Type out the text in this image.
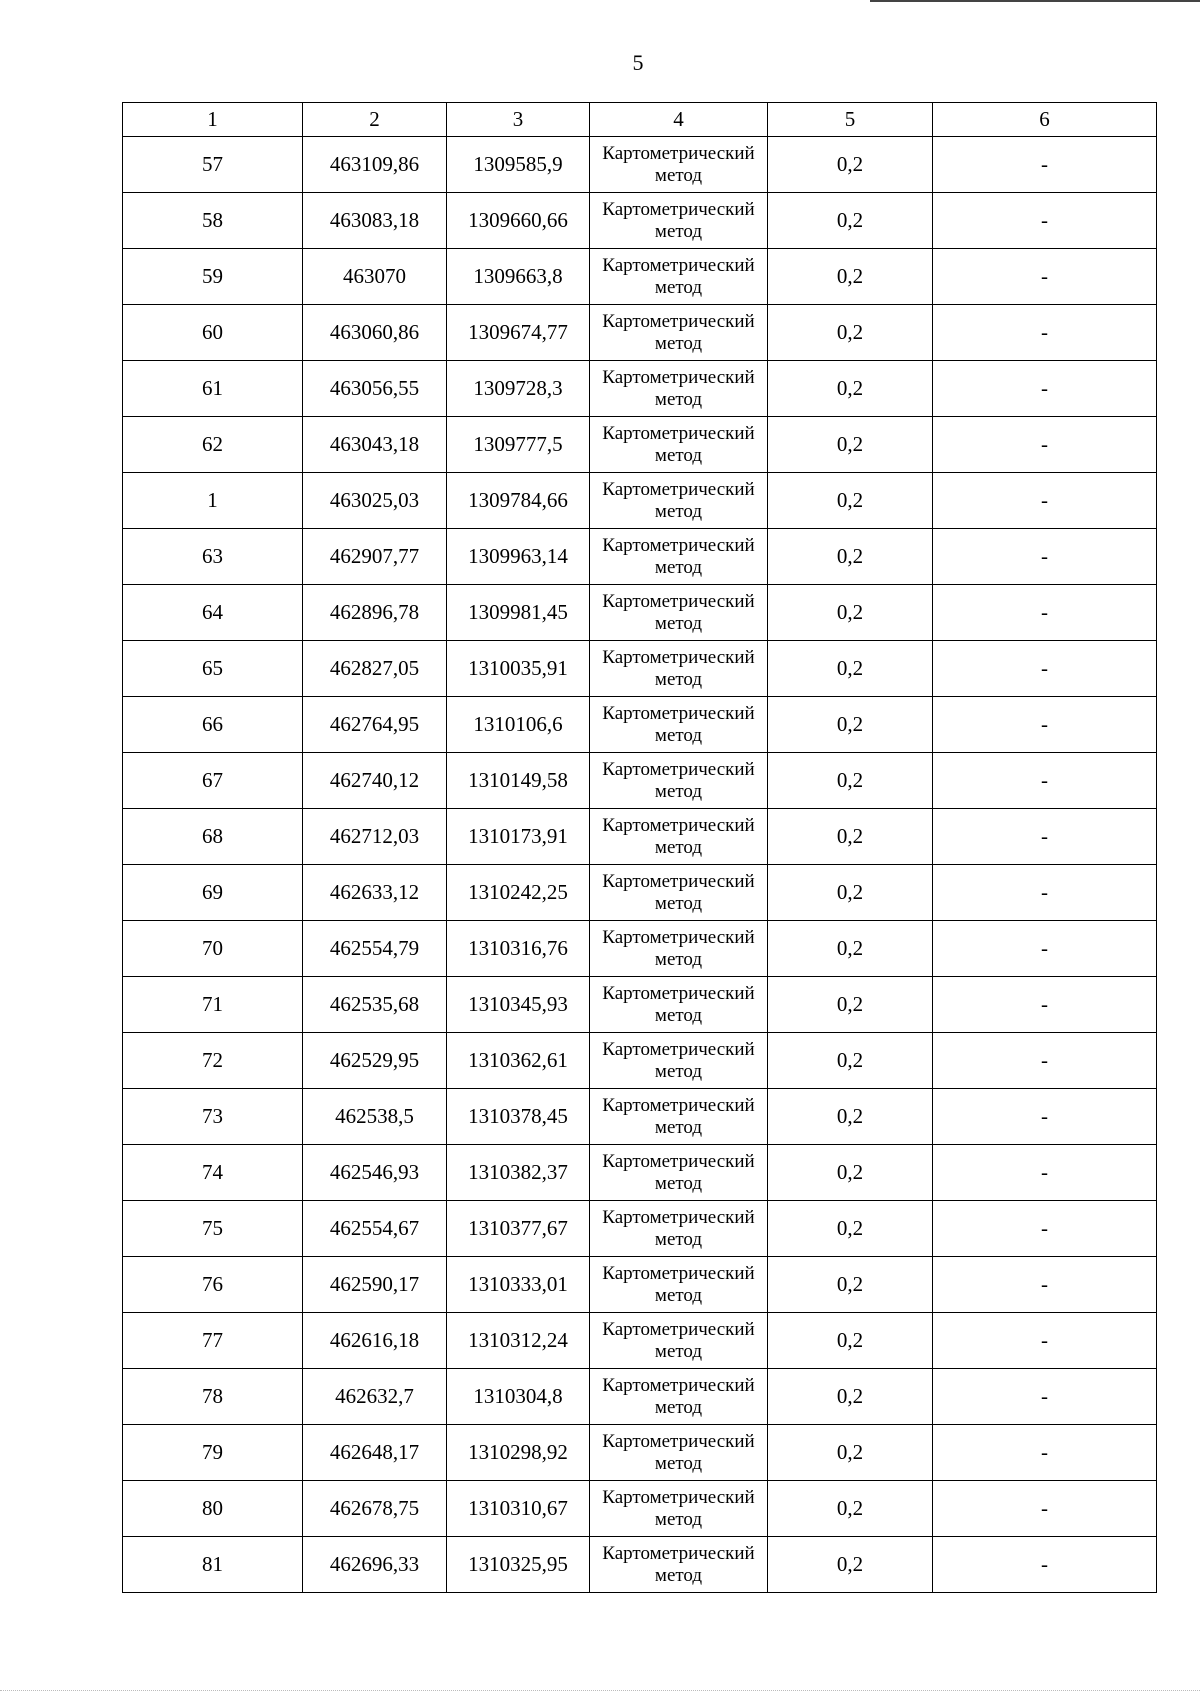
5
1	2	3	4	5	6
57	463109,86	1309585,9	Картометрический метод	0,2	-
58	463083,18	1309660,66	Картометрический метод	0,2	-
59	463070	1309663,8	Картометрический метод	0,2	-
60	463060,86	1309674,77	Картометрический метод	0,2	-
61	463056,55	1309728,3	Картометрический метод	0,2	-
62	463043,18	1309777,5	Картометрический метод	0,2	-
1	463025,03	1309784,66	Картометрический метод	0,2	-
63	462907,77	1309963,14	Картометрический метод	0,2	-
64	462896,78	1309981,45	Картометрический метод	0,2	-
65	462827,05	1310035,91	Картометрический метод	0,2	-
66	462764,95	1310106,6	Картометрический метод	0,2	-
67	462740,12	1310149,58	Картометрический метод	0,2	-
68	462712,03	1310173,91	Картометрический метод	0,2	-
69	462633,12	1310242,25	Картометрический метод	0,2	-
70	462554,79	1310316,76	Картометрический метод	0,2	-
71	462535,68	1310345,93	Картометрический метод	0,2	-
72	462529,95	1310362,61	Картометрический метод	0,2	-
73	462538,5	1310378,45	Картометрический метод	0,2	-
74	462546,93	1310382,37	Картометрический метод	0,2	-
75	462554,67	1310377,67	Картометрический метод	0,2	-
76	462590,17	1310333,01	Картометрический метод	0,2	-
77	462616,18	1310312,24	Картометрический метод	0,2	-
78	462632,7	1310304,8	Картометрический метод	0,2	-
79	462648,17	1310298,92	Картометрический метод	0,2	-
80	462678,75	1310310,67	Картометрический метод	0,2	-
81	462696,33	1310325,95	Картометрический метод	0,2	-
